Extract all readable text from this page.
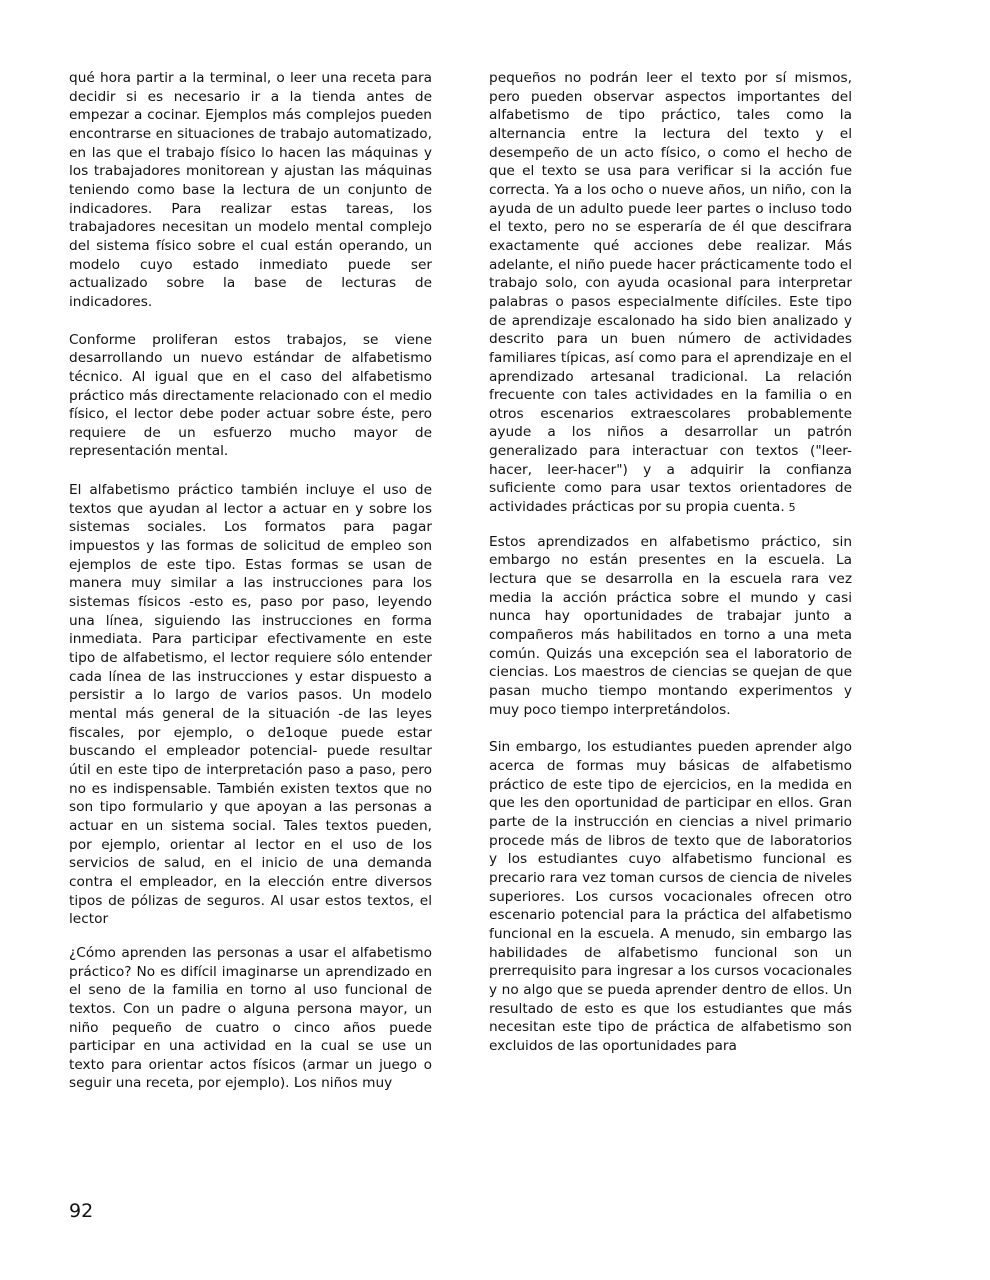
qué hora partir a la terminal, o leer una receta para decidir si es necesario ir a la tienda antes de empezar a cocinar. Ejemplos más complejos pueden encontrarse en situaciones de trabajo automatizado, en las que el trabajo físico lo hacen las máquinas y los trabajadores monitorean y ajustan las máquinas teniendo como base la lectura de un conjunto de indicadores. Para realizar estas tareas, los trabajadores necesitan un modelo mental complejo del sistema físico sobre el cual están operando, un modelo cuyo estado inmediato puede ser actualizado sobre la base de lecturas de indicadores.

Conforme proliferan estos trabajos, se viene desarrollando un nuevo estándar de alfabetismo técnico. Al igual que en el caso del alfabetismo práctico más directamente relacionado con el medio físico, el lector debe poder actuar sobre éste, pero requiere de un esfuerzo mucho mayor de representación mental.

El alfabetismo práctico también incluye el uso de textos que ayudan al lector a actuar en y sobre los sistemas sociales. Los formatos para pagar impuestos y las formas de solicitud de empleo son ejemplos de este tipo. Estas formas se usan de manera muy similar a las instrucciones para los sistemas físicos -esto es, paso por paso, leyendo una línea, siguiendo las instrucciones en forma inmediata. Para participar efectivamente en este tipo de alfabetismo, el lector requiere sólo entender cada línea de las instrucciones y estar dispuesto a persistir a lo largo de varios pasos. Un modelo mental más general de la situación -de las leyes fiscales, por ejemplo, o de1oque puede estar buscando el empleador potencial- puede resultar útil en este tipo de interpretación paso a paso, pero no es indispensable. También existen textos que no son tipo formulario y que apoyan a las personas a actuar en un sistema social. Tales textos pueden, por ejemplo, orientar al lector en el uso de los servicios de salud, en el inicio de una demanda contra el empleador, en la elección entre diversos tipos de pólizas de seguros. Al usar estos textos, el lector

¿Cómo aprenden las personas a usar el alfabetismo práctico? No es difícil imaginarse un aprendizado en el seno de la familia en torno al uso funcional de textos. Con un padre o alguna persona mayor, un niño pequeño de cuatro o cinco años puede participar en una actividad en la cual se use un texto para orientar actos físicos (armar un juego o seguir una receta, por ejemplo). Los niños muy

pequeños no podrán leer el texto por sí mismos, pero pueden observar aspectos importantes del alfabetismo de tipo práctico, tales como la alternancia entre la lectura del texto y el desempeño de un acto físico, o como el hecho de que el texto se usa para verificar si la acción fue correcta. Ya a los ocho o nueve años, un niño, con la ayuda de un adulto puede leer partes o incluso todo el texto, pero no se esperaría de él que descifrara exactamente qué acciones debe realizar. Más adelante, el niño puede hacer prácticamente todo el trabajo solo, con ayuda ocasional para interpretar palabras o pasos especialmente difíciles. Este tipo de aprendizaje escalonado ha sido bien analizado y descrito para un buen número de actividades familiares típicas, así como para el aprendizaje en el aprendizado artesanal tradicional. La relación frecuente con tales actividades en la familia o en otros escenarios extraescolares probablemente ayude a los niños a desarrollar un patrón generalizado para interactuar con textos ("leer-hacer, leer-hacer") y a adquirir la confianza suficiente como para usar textos orientadores de actividades prácticas por su propia cuenta. 5

Estos aprendizados en alfabetismo práctico, sin embargo no están presentes en la escuela. La lectura que se desarrolla en la escuela rara vez media la acción práctica sobre el mundo y casi nunca hay oportunidades de trabajar junto a compañeros más habilitados en torno a una meta común. Quizás una excepción sea el laboratorio de ciencias. Los maestros de ciencias se quejan de que pasan mucho tiempo montando experimentos y muy poco tiempo interpretándolos.

Sin embargo, los estudiantes pueden aprender algo acerca de formas muy básicas de alfabetismo práctico de este tipo de ejercicios, en la medida en que les den oportunidad de participar en ellos. Gran parte de la instrucción en ciencias a nivel primario procede más de libros de texto que de laboratorios y los estudiantes cuyo alfabetismo funcional es precario rara vez toman cursos de ciencia de niveles superiores. Los cursos vocacionales ofrecen otro escenario potencial para la práctica del alfabetismo funcional en la escuela. A menudo, sin embargo las habilidades de alfabetismo funcional son un prerrequisito para ingresar a los cursos vocacionales y no algo que se pueda aprender dentro de ellos. Un resultado de esto es que los estudiantes que más necesitan este tipo de práctica de alfabetismo son excluidos de las oportunidades para

92
